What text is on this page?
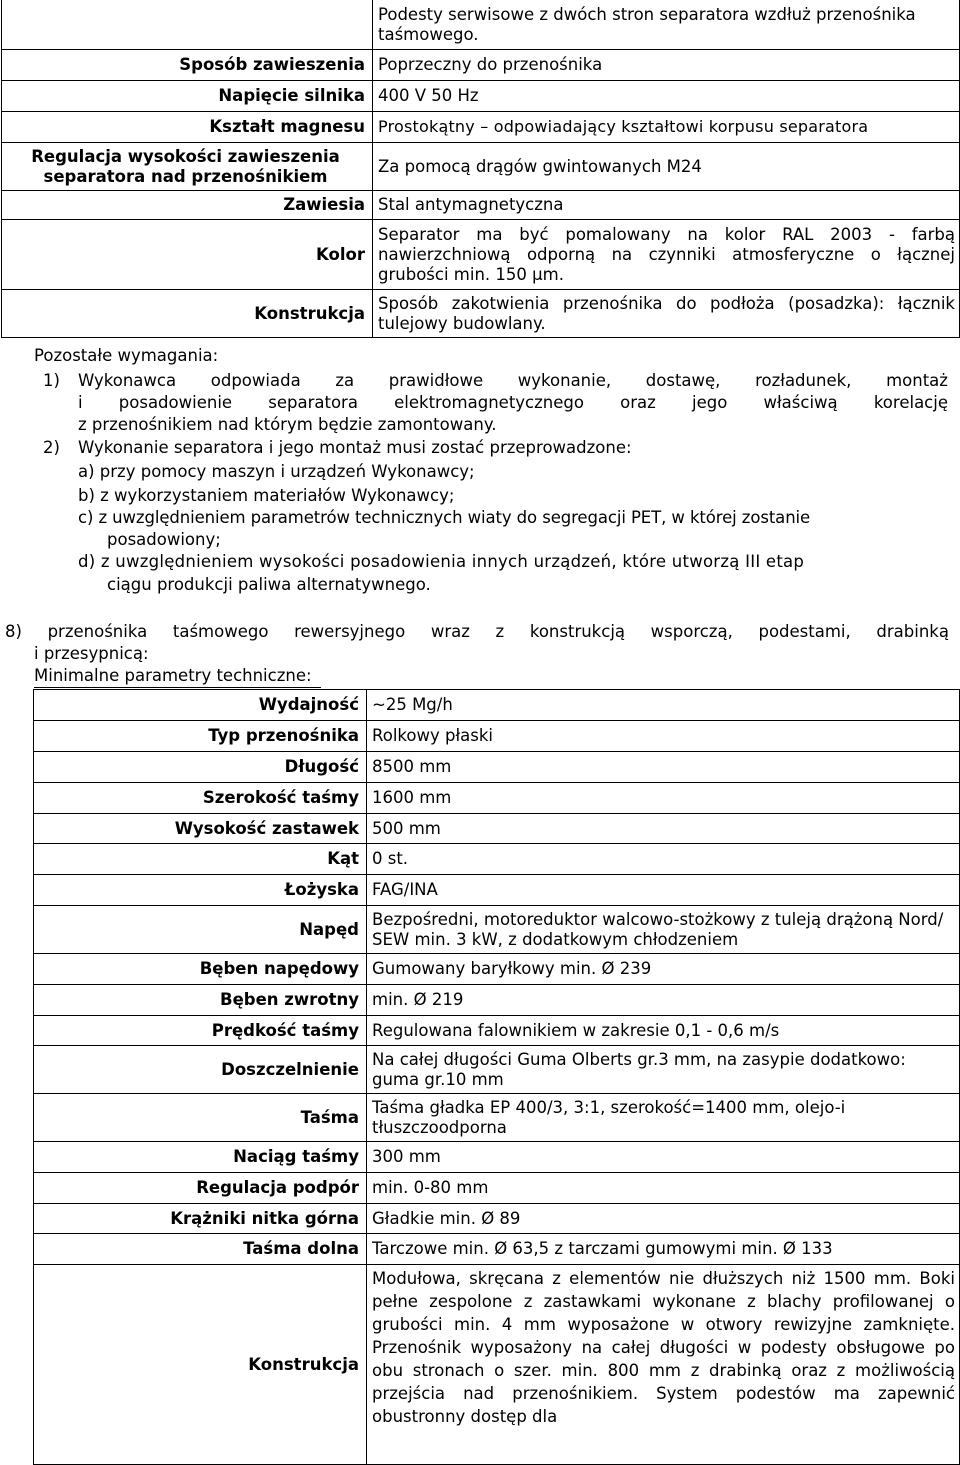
	Podesty serwisowe z dwóch stron separatora wzdłuż przenośnika taśmowego.
Sposób zawieszenia	Poprzeczny do przenośnika
Napięcie silnika	400 V 50 Hz
Kształt magnesu	Prostokątny – odpowiadający kształtowi korpusu separatora
Regulacja wysokości zawieszenia separatora nad przenośnikiem	Za pomocą drągów gwintowanych M24
Zawiesia	Stal antymagnetyczna
Kolor	Separator ma być pomalowany na kolor RAL 2003 - farbą nawierzchniową odporną na czynniki atmosferyczne o łącznej grubości min. 150 μm.
Konstrukcja	Sposób zakotwienia przenośnika do podłoża (posadzka): łącznik tulejowy budowlany.
Pozostałe wymagania:
1) Wykonawca odpowiada za prawidłowe wykonanie, dostawę, rozładunek, montaż
i posadowienie separatora elektromagnetycznego oraz jego właściwą korelację
z przenośnikiem nad którym będzie zamontowany.
2) Wykonanie separatora i jego montaż musi zostać przeprowadzone:
a) przy pomocy maszyn i urządzeń Wykonawcy;
b) z wykorzystaniem materiałów Wykonawcy;
c) z uwzględnieniem parametrów technicznych wiaty do segregacji PET, w której zostanie
posadowiony;
d) z uwzględnieniem wysokości posadowienia innych urządzeń, które utworzą III etap
ciągu produkcji paliwa alternatywnego.
8) przenośnika taśmowego rewersyjnego wraz z konstrukcją wsporczą, podestami, drabinką
i przesypnicą:
Minimalne parametry techniczne:
Wydajność	~25 Mg/h
Typ przenośnika	Rolkowy płaski
Długość	8500 mm
Szerokość taśmy	1600 mm
Wysokość zastawek	500 mm
Kąt	0 st.
Łożyska	FAG/INA
Napęd	Bezpośredni, motoreduktor walcowo-stożkowy z tuleją drążoną Nord/ SEW min. 3 kW, z dodatkowym chłodzeniem
Bęben napędowy	Gumowany baryłkowy min. Ø 239
Bęben zwrotny	min. Ø 219
Prędkość taśmy	Regulowana falownikiem w zakresie 0,1 - 0,6 m/s
Doszczelnienie	Na całej długości Guma Olberts gr.3 mm, na zasypie dodatkowo: guma gr.10 mm
Taśma	Taśma gładka EP 400/3, 3:1, szerokość=1400 mm, olejo-i tłuszczoodporna
Naciąg taśmy	300 mm
Regulacja podpór	min. 0-80 mm
Krążniki nitka górna	Gładkie min. Ø 89
Taśma dolna	Tarczowe min. Ø 63,5 z tarczami gumowymi min. Ø 133
Konstrukcja	Modułowa, skręcana z elementów nie dłuższych niż 1500 mm. Boki pełne zespolone z zastawkami wykonane z blachy profilowanej o grubości min. 4 mm wyposażone w otwory rewizyjne zamknięte. Przenośnik wyposażony na całej długości w podesty obsługowe po obu stronach o szer. min. 800 mm z drabinką oraz z możliwością przejścia nad przenośnikiem. System podestów ma zapewnić obustronny dostęp dla
